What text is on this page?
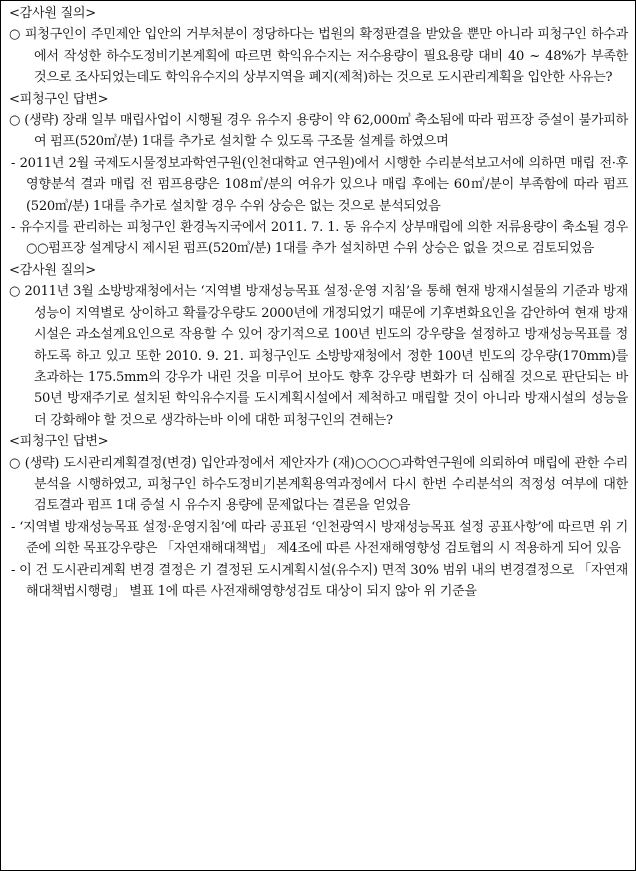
<감사원 질의>
○ 피청구인이 주민제안 입안의 거부처분이 정당하다는 법원의 확정판결을 받았을 뿐만 아니라 피청구인 하수과에서 작성한 하수도정비기본계획에 따르면 학익유수지는 저수용량이 필요용량 대비 40 ~ 48%가 부족한 것으로 조사되었는데도 학익유수지의 상부지역을 폐지(제척)하는 것으로 도시관리계획을 입안한 사유는?
<피청구인 답변>
○ (생략) 장래 일부 매립사업이 시행될 경우 유수지 용량이 약 62,000㎥ 축소됨에 따라 펌프장 증설이 불가피하여 펌프(520㎥/분) 1대를 추가로 설치할 수 있도록 구조물 설계를 하였으며
- 2011년 2월 국제도시물정보과학연구원(인천대학교 연구원)에서 시행한 수리분석보고서에 의하면 매립 전·후 영향분석 결과 매립 전 펌프용량은 108㎥/분의 여유가 있으나 매립 후에는 60㎥/분이 부족함에 따라 펌프(520㎥/분) 1대를 추가로 설치할 경우 수위 상승은 없는 것으로 분석되었음
- 유수지를 관리하는 피청구인 환경녹지국에서 2011. 7. 1. 동 유수지 상부매립에 의한 저류용량이 축소될 경우 ○○펌프장 설계당시 제시된 펌프(520㎥/분) 1대를 추가 설치하면 수위 상승은 없을 것으로 검토되었음
<감사원 질의>
○ 2011년 3월 소방방재청에서는 ‘지역별 방재성능목표 설정·운영 지침’을 통해 현재 방재시설물의 기준과 방재성능이 지역별로 상이하고 확률강우량도 2000년에 개정되었기 때문에 기후변화요인을 감안하여 현재 방재시설은 과소설계요인으로 작용할 수 있어 장기적으로 100년 빈도의 강우량을 설정하고 방재성능목표를 정하도록 하고 있고 또한 2010. 9. 21. 피청구인도 소방방재청에서 정한 100년 빈도의 강우량(170mm)를 초과하는 175.5mm의 강우가 내린 것을 미루어 보아도 향후 강우량 변화가 더 심해질 것으로 판단되는 바 50년 방재주기로 설치된 학익유수지를 도시계획시설에서 제척하고 매립할 것이 아니라 방재시설의 성능을 더 강화해야 할 것으로 생각하는바 이에 대한 피청구인의 견해는?
<피청구인 답변>
○ (생략) 도시관리계획결정(변경) 입안과정에서 제안자가 (재)○○○○과학연구원에 의뢰하여 매립에 관한 수리분석을 시행하였고, 피청구인 하수도정비기본계획용역과정에서 다시 한번 수리분석의 적정성 여부에 대한 검토결과 펌프 1대 증설 시 유수지 용량에 문제없다는 결론을 얻었음
- ‘지역별 방재성능목표 설정·운영지침’에 따라 공표된 ‘인천광역시 방재성능목표 설정 공표사항’에 따르면 위 기준에 의한 목표강우량은 「자연재해대책법」 제4조에 따른 사전재해영향성 검토협의 시 적용하게 되어 있음
- 이 건 도시관리계획 변경 결정은 기 결정된 도시계획시설(유수지) 면적 30% 범위 내의 변경결정으로 「자연재해대책법시행령」 별표 1에 따른 사전재해영향성검토 대상이 되지 않아 위 기준을
